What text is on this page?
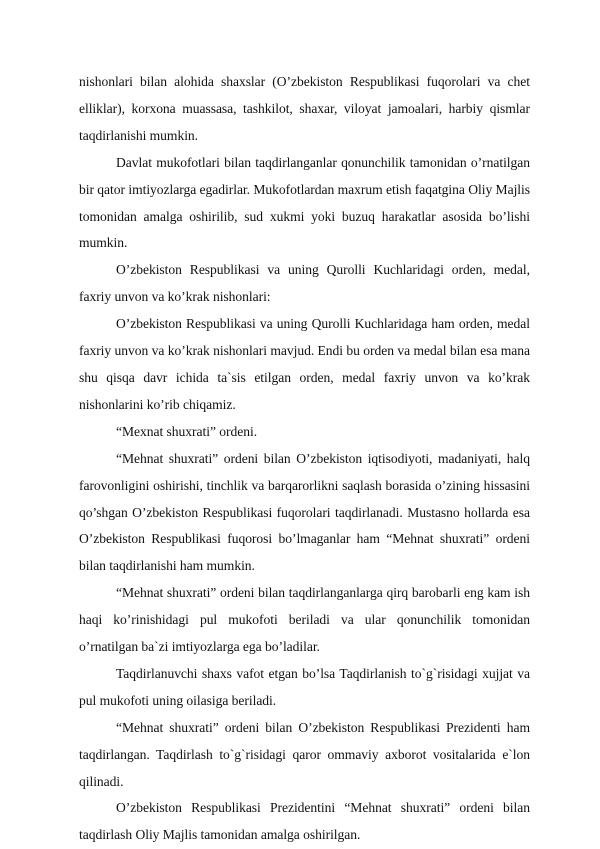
nishonlari bilan alohida shaxslar (O’zbekiston Respublikasi fuqorolari va chet elliklar), korxona muassasa, tashkilot, shaxar, viloyat jamoalari, harbiy qismlar taqdirlanishi mumkin.

Davlat mukofotlari bilan taqdirlanganlar qonunchilik tamonidan o’rnatilgan bir qator imtiyozlarga egadirlar. Mukofotlardan maxrum etish faqatgina Oliy Majlis tomonidan amalga oshirilib, sud xukmi yoki buzuq harakatlar asosida bo’lishi mumkin.

O’zbekiston Respublikasi va uning Qurolli Kuchlaridagi orden, medal, faxriy unvon va ko’krak nishonlari:

O’zbekiston Respublikasi va uning Qurolli Kuchlaridaga ham orden, medal faxriy unvon va ko’krak nishonlari mavjud. Endi bu orden va medal bilan esa mana shu qisqa davr ichida ta`sis etilgan orden, medal faxriy unvon va ko’krak nishonlarini ko’rib chiqamiz.

“Mexnat shuxrati” ordeni.

“Mehnat shuxrati” ordeni bilan O’zbekiston iqtisodiyoti, madaniyati, halq farovonligini oshirishi, tinchlik va barqarorlikni saqlash borasida o’zining hissasini qo’shgan O’zbekiston Respublikasi fuqorolari taqdirlanadi. Mustasno hollarda esa O’zbekiston Respublikasi fuqorosi bo’lmaganlar ham “Mehnat shuxrati” ordeni bilan taqdirlanishi ham mumkin.

“Mehnat shuxrati” ordeni bilan taqdirlanganlarga qirq barobarli eng kam ish haqi ko’rinishidagi pul mukofoti beriladi va ular qonunchilik tomonidan o’rnatilgan ba`zi imtiyozlarga ega bo’ladilar.

Taqdirlanuvchi shaxs vafot etgan bo’lsa Taqdirlanish to`g`risidagi xujjat va pul mukofoti uning oilasiga beriladi.

“Mehnat shuxrati” ordeni bilan O’zbekiston Respublikasi Prezidenti ham taqdirlangan. Taqdirlash to`g`risidagi qaror ommaviy axborot vositalarida e`lon qilinadi.

O’zbekiston Respublikasi Prezidentini “Mehnat shuxrati” ordeni bilan taqdirlash Oliy Majlis tamonidan amalga oshirilgan.
